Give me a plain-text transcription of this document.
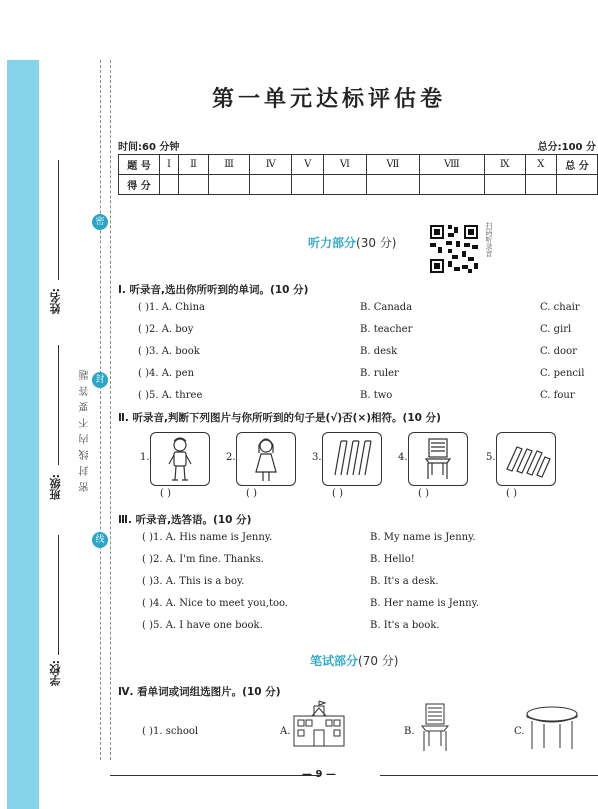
密
封
线
密封线内不要答题
姓名:
班级:
学校:
第一单元达标评估卷
时间:60 分钟	总分:100 分
题 号	Ⅰ	Ⅱ	Ⅲ	Ⅳ	Ⅴ	Ⅵ	Ⅶ	Ⅷ	Ⅸ	Ⅹ	总 分
得 分											
听力部分(30 分)	扫码听录音
Ⅰ. 听录音,选出你所听到的单词。(10 分)
( )1. A. China	B. Canada	C. chair
( )2. A. boy	B. teacher	C. girl
( )3. A. book	B. desk	C. door
( )4. A. pen	B. ruler	C. pencil
( )5. A. three	B. two	C. four
Ⅱ. 听录音,判断下列图片与你所听到的句子是(√)否(×)相符。(10 分)
1.	2.	3.	4.	5.
( )	( )	( )	( )	( )
Ⅲ. 听录音,选答语。(10 分)
( )1. A. His name is Jenny.	B. My name is Jenny.
( )2. A. I'm fine. Thanks.	B. Hello!
( )3. A. This is a boy.	B. It's a desk.
( )4. A. Nice to meet you,too.	B. Her name is Jenny.
( )5. A. I have one book.	B. It's a book.
笔试部分(70 分)
Ⅳ. 看单词或词组选图片。(10 分)
( )1. school	A.	B.	C.
— 9 —
